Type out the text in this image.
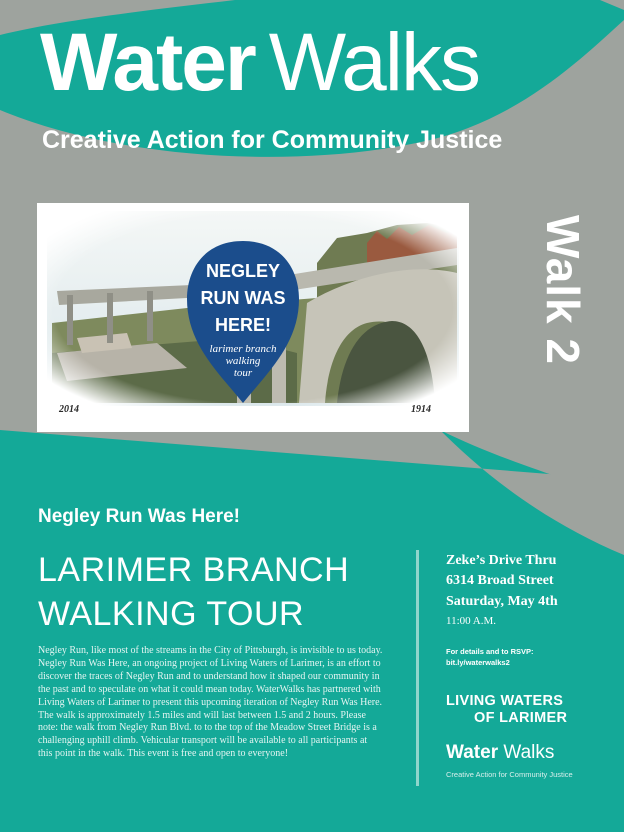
Water Walks
Creative Action for Community Justice
NEGLEY
RUN WAS
HERE!
larimer branch
walking
tour
2014	1914
Walk 2
Negley Run Was Here!
LARIMER BRANCH
WALKING TOUR
Negley Run, like most of the streams in the City of Pittsburgh, is invisible to us today. Negley Run Was Here, an ongoing project of Living Waters of Larimer, is an effort to discover the traces of Negley Run and to understand how it shaped our community in the past and to speculate on what it could mean today. WaterWalks has partnered with Living Waters of Larimer to present this upcoming iteration of Negley Run Was Here. The walk is approximately 1.5 miles and will last between 1.5 and 2 hours. Please note: the walk from Negley Run Blvd. to to the top of the Meadow Street Bridge is a challenging uphill climb. Vehicular transport will be available to all participants at this point in the walk. This event is free and open to everyone!
Zeke’s Drive Thru
6314 Broad Street
Saturday, May 4th
11:00 A.M.
For details and to RSVP:
bit.ly/waterwalks2
LIVING WATERS
OF LARIMER
Water Walks
Creative Action for Community Justice
